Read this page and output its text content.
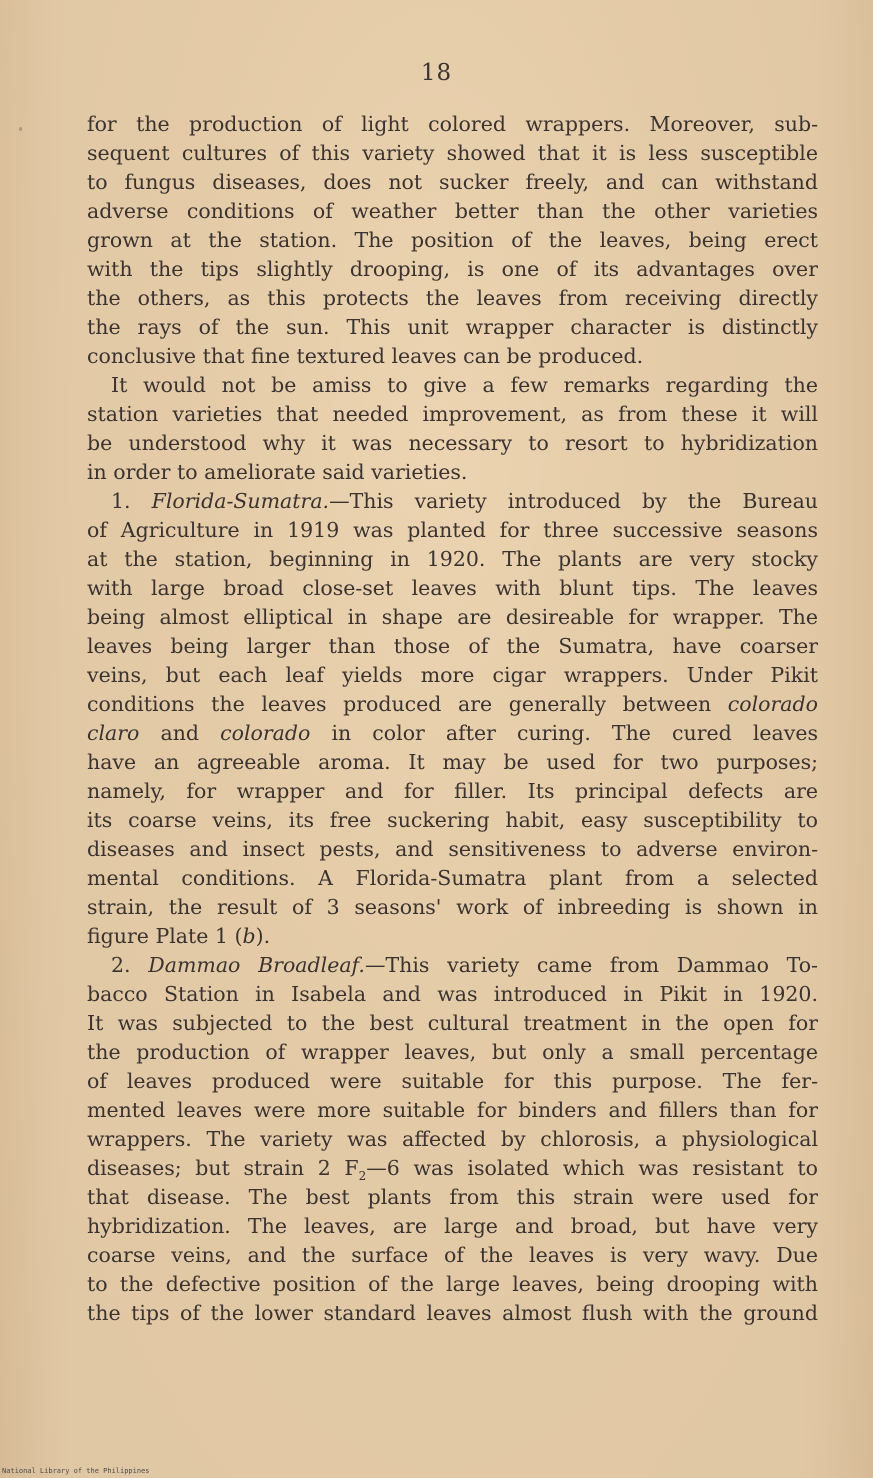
18
for the production of light colored wrappers. Moreover, sub-
sequent cultures of this variety showed that it is less susceptible
to fungus diseases, does not sucker freely, and can withstand
adverse conditions of weather better than the other varieties
grown at the station. The position of the leaves, being erect
with the tips slightly drooping, is one of its advantages over
the others, as this protects the leaves from receiving directly
the rays of the sun. This unit wrapper character is distinctly
conclusive that fine textured leaves can be produced.
It would not be amiss to give a few remarks regarding the
station varieties that needed improvement, as from these it will
be understood why it was necessary to resort to hybridization
in order to ameliorate said varieties.
1. Florida-Sumatra.—This variety introduced by the Bureau
of Agriculture in 1919 was planted for three successive seasons
at the station, beginning in 1920. The plants are very stocky
with large broad close-set leaves with blunt tips. The leaves
being almost elliptical in shape are desireable for wrapper. The
leaves being larger than those of the Sumatra, have coarser
veins, but each leaf yields more cigar wrappers. Under Pikit
conditions the leaves produced are generally between colorado
claro and colorado in color after curing. The cured leaves
have an agreeable aroma. It may be used for two purposes;
namely, for wrapper and for filler. Its principal defects are
its coarse veins, its free suckering habit, easy susceptibility to
diseases and insect pests, and sensitiveness to adverse environ-
mental conditions. A Florida-Sumatra plant from a selected
strain, the result of 3 seasons' work of inbreeding is shown in
figure Plate 1 (b).
2. Dammao Broadleaf.—This variety came from Dammao To-
bacco Station in Isabela and was introduced in Pikit in 1920.
It was subjected to the best cultural treatment in the open for
the production of wrapper leaves, but only a small percentage
of leaves produced were suitable for this purpose. The fer-
mented leaves were more suitable for binders and fillers than for
wrappers. The variety was affected by chlorosis, a physiological
diseases; but strain 2 $F_2—6$ was isolated which was resistant to
that disease. The best plants from this strain were used for
hybridization. The leaves, are large and broad, but have very
coarse veins, and the surface of the leaves is very wavy. Due
to the defective position of the large leaves, being drooping with
the tips of the lower standard leaves almost flush with the ground
National Library of the Philippines
